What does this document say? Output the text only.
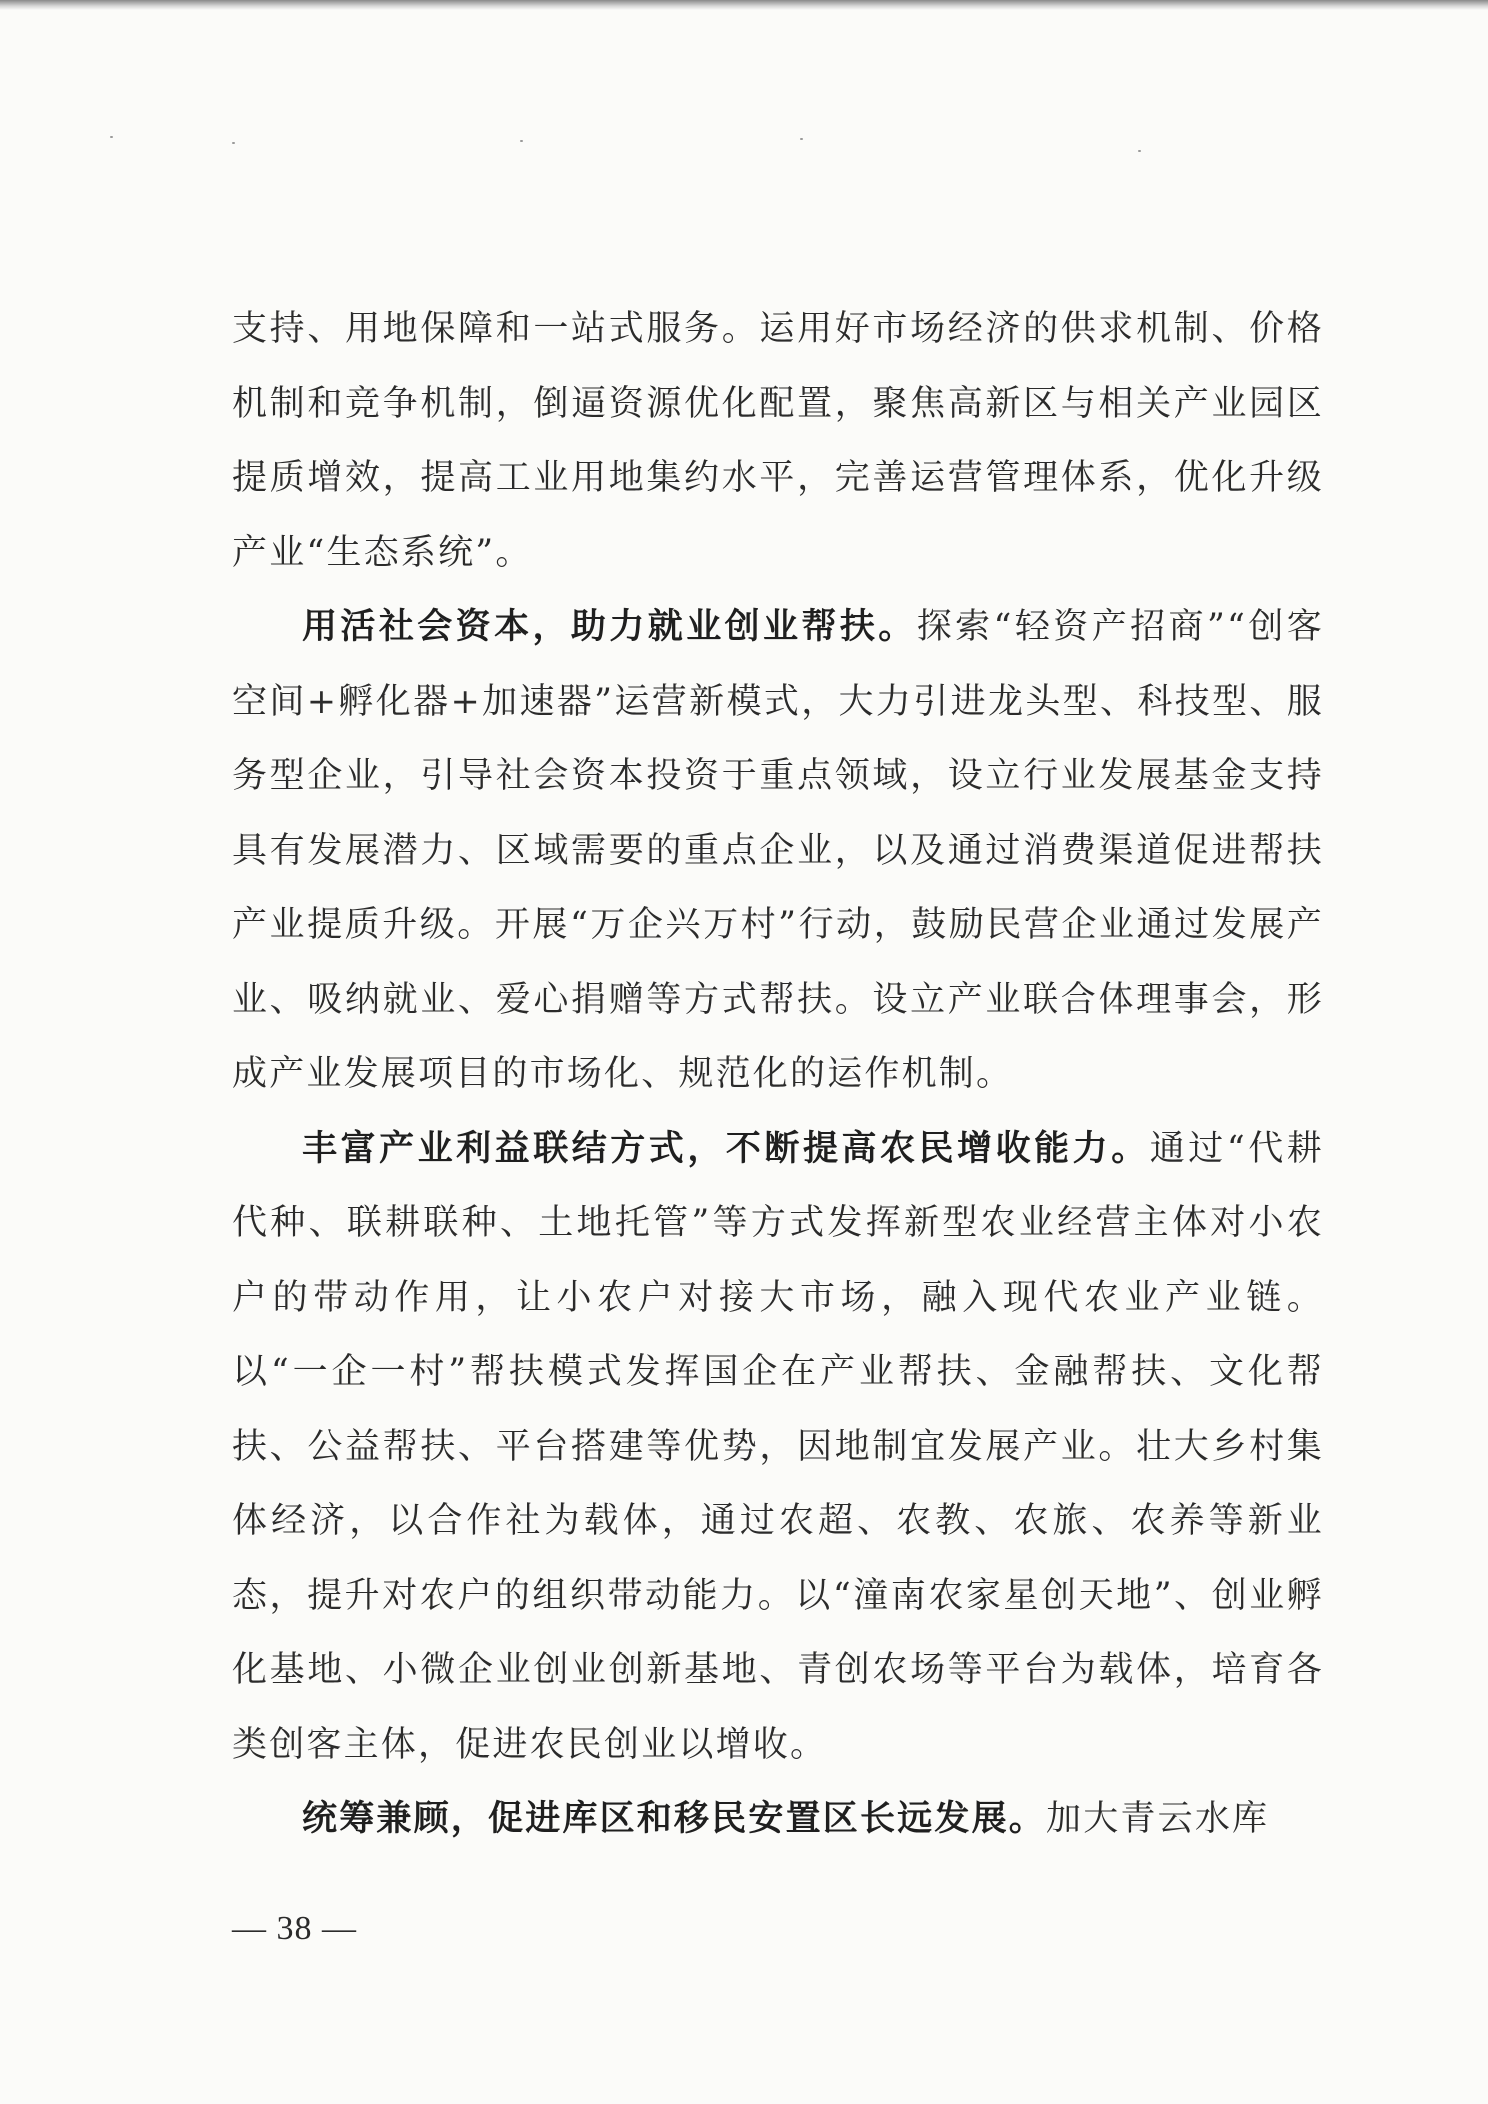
支持、用地保障和一站式服务。运用好市场经济的供求机制、价格机制和竞争机制，倒逼资源优化配置，聚焦高新区与相关产业园区提质增效，提高工业用地集约水平，完善运营管理体系，优化升级产业“生态系统”。

用活社会资本，助力就业创业帮扶。探索“轻资产招商”“创客空间+孵化器+加速器”运营新模式，大力引进龙头型、科技型、服务型企业，引导社会资本投资于重点领域，设立行业发展基金支持具有发展潜力、区域需要的重点企业，以及通过消费渠道促进帮扶产业提质升级。开展“万企兴万村”行动，鼓励民营企业通过发展产业、吸纳就业、爱心捐赠等方式帮扶。设立产业联合体理事会，形成产业发展项目的市场化、规范化的运作机制。

丰富产业利益联结方式，不断提高农民增收能力。通过“代耕代种、联耕联种、土地托管”等方式发挥新型农业经营主体对小农户的带动作用，让小农户对接大市场，融入现代农业产业链。以“一企一村”帮扶模式发挥国企在产业帮扶、金融帮扶、文化帮扶、公益帮扶、平台搭建等优势，因地制宜发展产业。壮大乡村集体经济，以合作社为载体，通过农超、农教、农旅、农养等新业态，提升对农户的组织带动能力。以“潼南农家星创天地”、创业孵化基地、小微企业创业创新基地、青创农场等平台为载体，培育各类创客主体，促进农民创业以增收。

统筹兼顾，促进库区和移民安置区长远发展。加大青云水库

— 38 —
